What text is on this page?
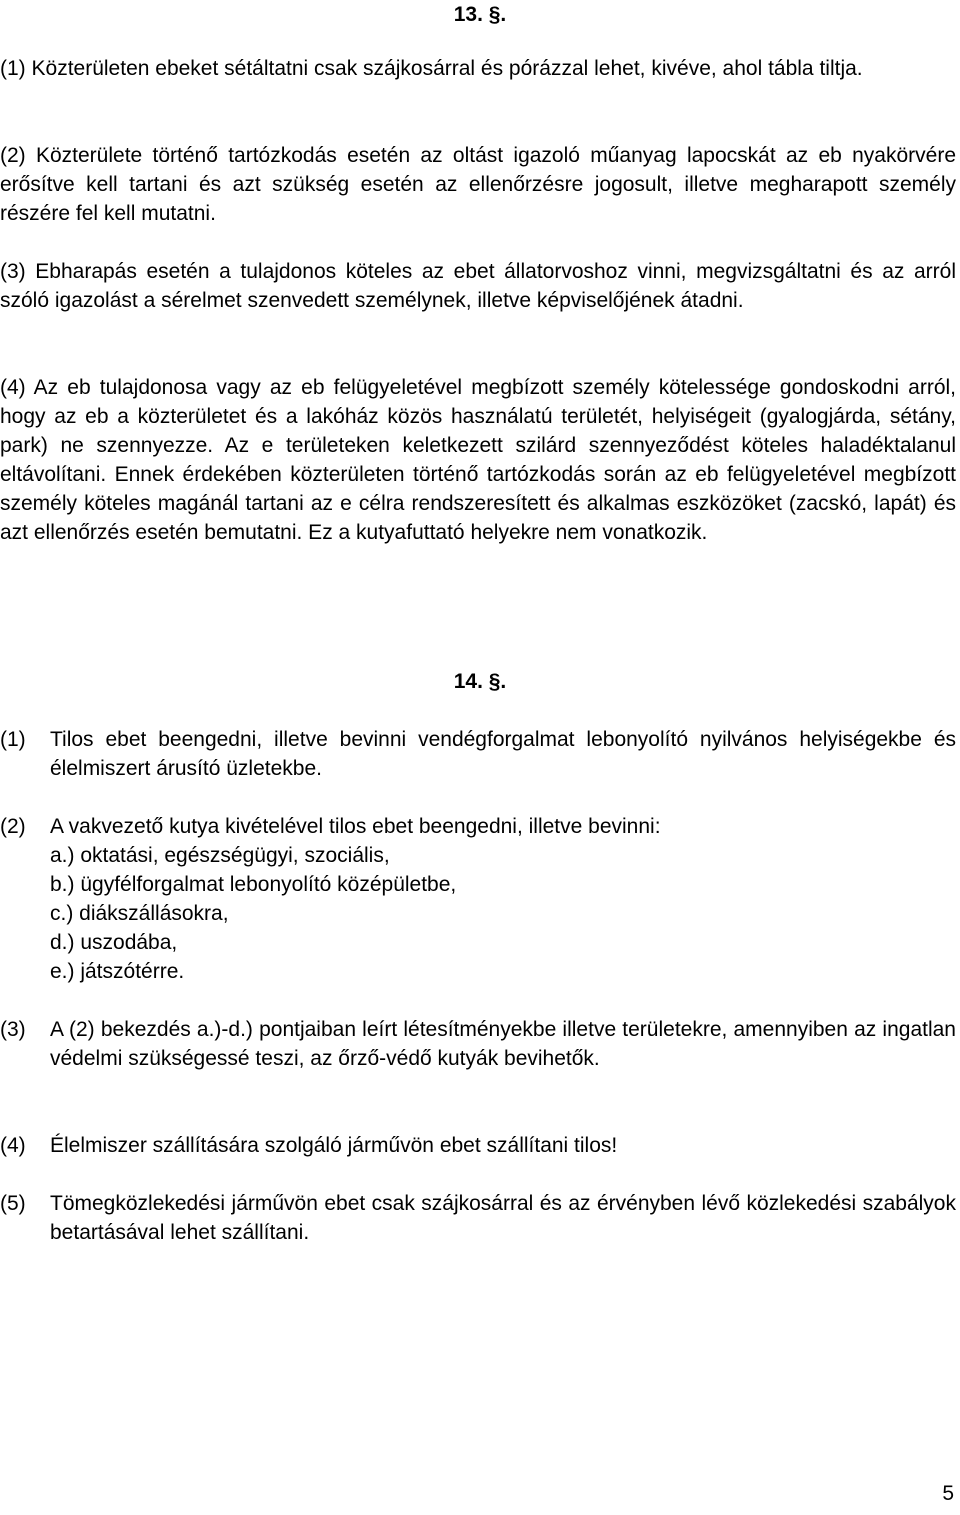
13. §.
(1) Közterületen ebeket sétáltatni csak szájkosárral és pórázzal lehet, kivéve, ahol tábla tiltja.
(2) Közterülete történő tartózkodás esetén az oltást igazoló műanyag lapocskát az eb nyakörvére erősítve kell tartani és azt szükség esetén az ellenőrzésre jogosult, illetve megharapott személy részére fel kell mutatni.
(3) Ebharapás esetén a tulajdonos köteles az ebet állatorvoshoz vinni, megvizsgáltatni és az arról szóló igazolást a sérelmet szenvedett személynek, illetve képviselőjének átadni.
(4) Az eb tulajdonosa vagy az eb felügyeletével megbízott személy kötelessége gondoskodni arról, hogy az eb a közterületet és a lakóház közös használatú területét, helyiségeit (gyalogjárda, sétány, park) ne szennyezze. Az e területeken keletkezett szilárd szennyeződést köteles haladéktalanul eltávolítani. Ennek érdekében közterületen történő tartózkodás során az eb felügyeletével megbízott személy köteles magánál tartani az e célra rendszeresített és alkalmas eszközöket (zacskó, lapát) és azt ellenőrzés esetén bemutatni. Ez a kutyafuttató helyekre nem vonatkozik.
14. §.
(1) Tilos ebet beengedni, illetve bevinni vendégforgalmat lebonyolító nyilvános helyiségekbe és élelmiszert árusító üzletekbe.
(2) A vakvezető kutya kivételével tilos ebet beengedni, illetve bevinni:
a.) oktatási, egészségügyi, szociális,
b.) ügyfélforgalmat lebonyolító középületbe,
c.) diákszállásokra,
d.) uszodába,
e.) játszótérre.
(3) A (2) bekezdés a.)-d.) pontjaiban leírt létesítményekbe illetve területekre, amennyiben az ingatlan védelmi szükségessé teszi, az őrző-védő kutyák bevihetők.
(4) Élelmiszer szállítására szolgáló járművön ebet szállítani tilos!
(5) Tömegközlekedési járművön ebet csak szájkosárral és az érvényben lévő közlekedési szabályok betartásával lehet szállítani.
5
